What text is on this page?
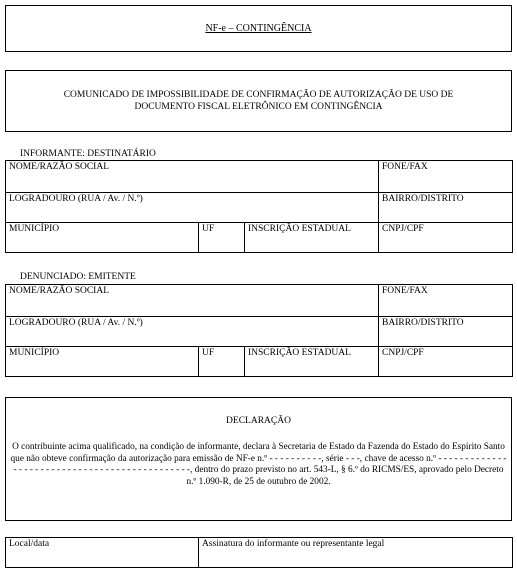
NF-e – CONTINGÊNCIA
COMUNICADO DE IMPOSSIBILIDADE DE CONFIRMAÇÃO DE AUTORIZAÇÃO DE USO DE DOCUMENTO FISCAL ELETRÔNICO EM CONTINGÊNCIA
INFORMANTE: DESTINATÁRIO
NOME/RAZÃO SOCIAL			FONE/FAX
LOGRADOURO (RUA / Av. / N.º)			BAIRRO/DISTRITO
MUNICÍPIO	UF	INSCRIÇÃO ESTADUAL	CNPJ/CPF
DENUNCIADO: EMITENTE
NOME/RAZÃO SOCIAL			FONE/FAX
LOGRADOURO (RUA / Av. / N.º)			BAIRRO/DISTRITO
MUNICÍPIO	UF	INSCRIÇÃO ESTADUAL	CNPJ/CPF
DECLARAÇÃO
O contribuinte acima qualificado, na condição de informante, declara à Secretaria de Estado da Fazenda do Estado do Espírito Santo que não obteve confirmação da autorização para emissão de NF-e n.º - - - - - - - - - -, série - - -, chave de acesso n.º - - - - - - - - - - - - - - - - - - - - - - - - - - - - - - - - - - - - - - - - - - - - - -, dentro do prazo previsto no art. 543-L, § 6.º do RICMS/ES, aprovado pelo Decreto n.º 1.090-R, de 25 de outubro de 2002.
Local/data	Assinatura do informante ou representante legal
